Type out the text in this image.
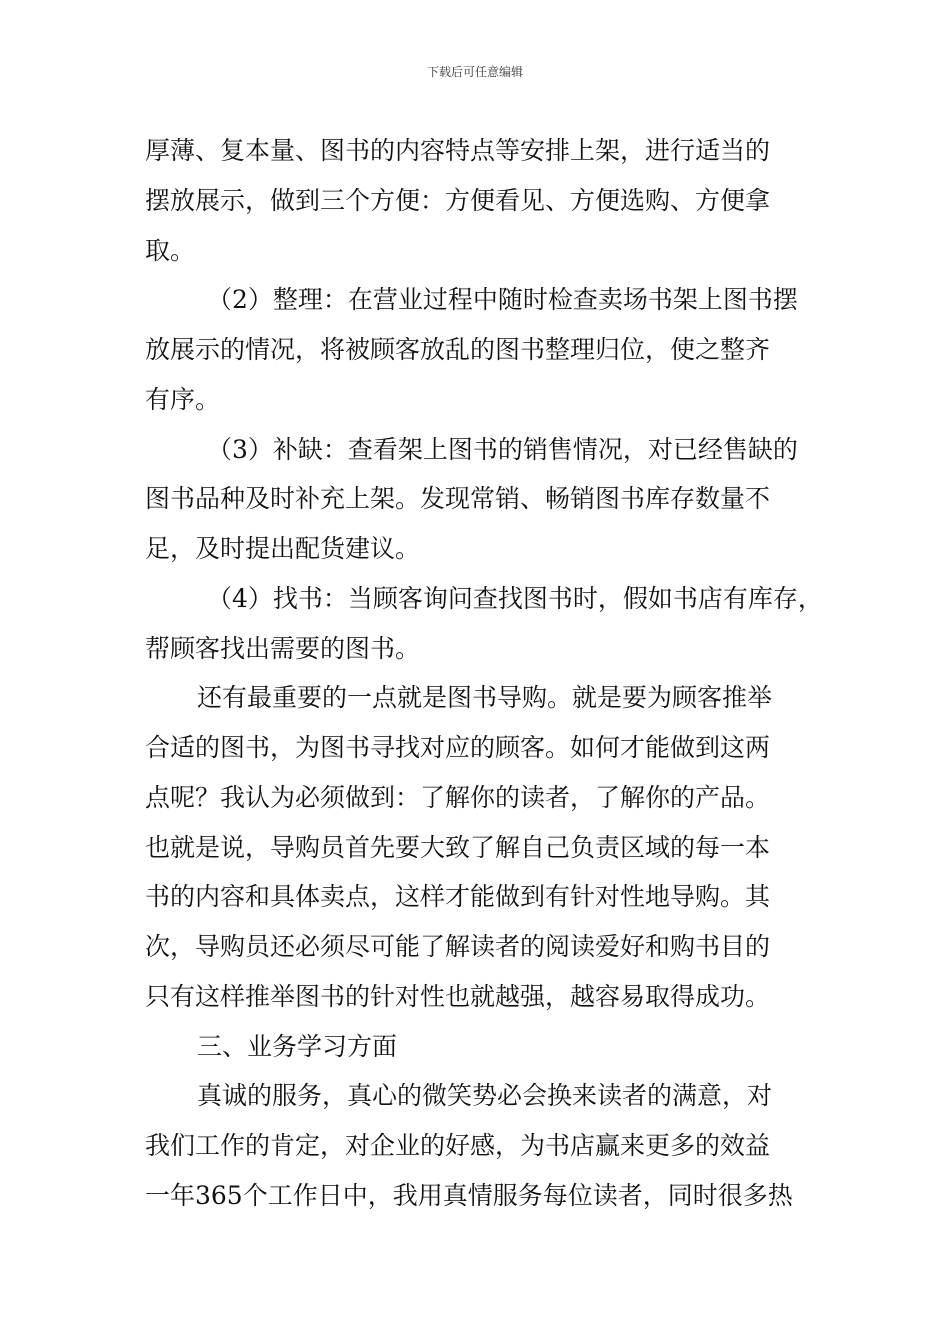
下载后可任意编辑
厚薄、复本量、图书的内容特点等安排上架，进行适当的
摆放展示，做到三个方便：方便看见、方便选购、方便拿
取。
（2）整理：在营业过程中随时检查卖场书架上图书摆
放展示的情况，将被顾客放乱的图书整理归位，使之整齐
有序。
（3）补缺：查看架上图书的销售情况，对已经售缺的
图书品种及时补充上架。发现常销、畅销图书库存数量不
足，及时提出配货建议。
（4）找书：当顾客询问查找图书时，假如书店有库存，
帮顾客找出需要的图书。
还有最重要的一点就是图书导购。就是要为顾客推举
合适的图书，为图书寻找对应的顾客。如何才能做到这两
点呢？我认为必须做到：了解你的读者，了解你的产品。
也就是说，导购员首先要大致了解自己负责区域的每一本
书的内容和具体卖点，这样才能做到有针对性地导购。其
次，导购员还必须尽可能了解读者的阅读爱好和购书目的
只有这样推举图书的针对性也就越强，越容易取得成功。
三、业务学习方面
真诚的服务，真心的微笑势必会换来读者的满意，对
我们工作的肯定，对企业的好感，为书店赢来更多的效益
一年365个工作日中，我用真情服务每位读者，同时很多热
